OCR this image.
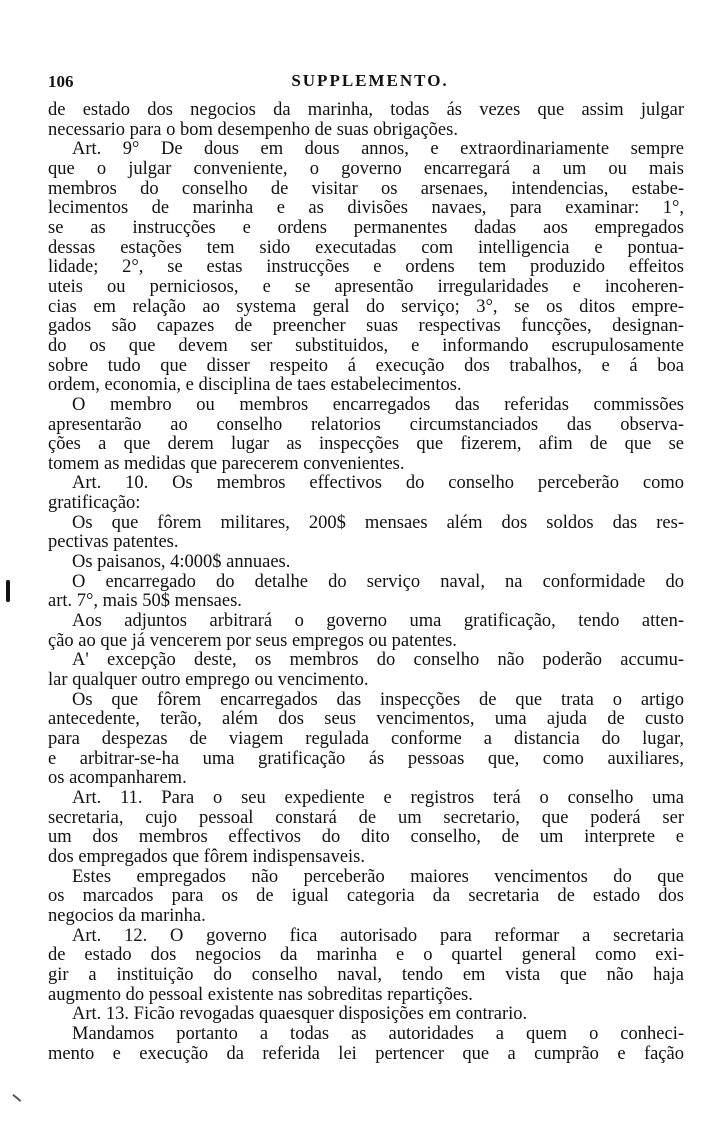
106	SUPPLEMENTO.
de estado dos negocios da marinha, todas ás vezes que assim julgar
necessario para o bom desempenho de suas obrigações.
Art. 9° De dous em dous annos, e extraordinariamente sempre
que o julgar conveniente, o governo encarregará a um ou mais
membros do conselho de visitar os arsenaes, intendencias, estabe-
lecimentos de marinha e as divisões navaes, para examinar: 1°,
se as instrucções e ordens permanentes dadas aos empregados
dessas estações tem sido executadas com intelligencia e pontua-
lidade; 2°, se estas instrucções e ordens tem produzido effeitos
uteis ou perniciosos, e se apresentão irregularidades e incoheren-
cias em relação ao systema geral do serviço; 3°, se os ditos empre-
gados são capazes de preencher suas respectivas funcções, designan-
do os que devem ser substituidos, e informando escrupulosamente
sobre tudo que disser respeito á execução dos trabalhos, e á boa
ordem, economia, e disciplina de taes estabelecimentos.
O membro ou membros encarregados das referidas commissões
apresentarão ao conselho relatorios circumstanciados das observa-
ções a que derem lugar as inspecções que fizerem, afim de que se
tomem as medidas que parecerem convenientes.
Art. 10. Os membros effectivos do conselho perceberão como
gratificação:
Os que fôrem militares, 200$ mensaes além dos soldos das res-
pectivas patentes.
Os paisanos, 4:000$ annuaes.
O encarregado do detalhe do serviço naval, na conformidade do
art. 7°, mais 50$ mensaes.
Aos adjuntos arbitrará o governo uma gratificação, tendo atten-
ção ao que já vencerem por seus empregos ou patentes.
A' excepção deste, os membros do conselho não poderão accumu-
lar qualquer outro emprego ou vencimento.
Os que fôrem encarregados das inspecções de que trata o artigo
antecedente, terão, além dos seus vencimentos, uma ajuda de custo
para despezas de viagem regulada conforme a distancia do lugar,
e arbitrar-se-ha uma gratificação ás pessoas que, como auxiliares,
os acompanharem.
Art. 11. Para o seu expediente e registros terá o conselho uma
secretaria, cujo pessoal constará de um secretario, que poderá ser
um dos membros effectivos do dito conselho, de um interprete e
dos empregados que fôrem indispensaveis.
Estes empregados não perceberão maiores vencimentos do que
os marcados para os de igual categoria da secretaria de estado dos
negocios da marinha.
Art. 12. O governo fica autorisado para reformar a secretaria
de estado dos negocios da marinha e o quartel general como exi-
gir a instituição do conselho naval, tendo em vista que não haja
augmento do pessoal existente nas sobreditas repartições.
Art. 13. Ficão revogadas quaesquer disposições em contrario.
Mandamos portanto a todas as autoridades a quem o conheci-
mento e execução da referida lei pertencer que a cumprão e fação
